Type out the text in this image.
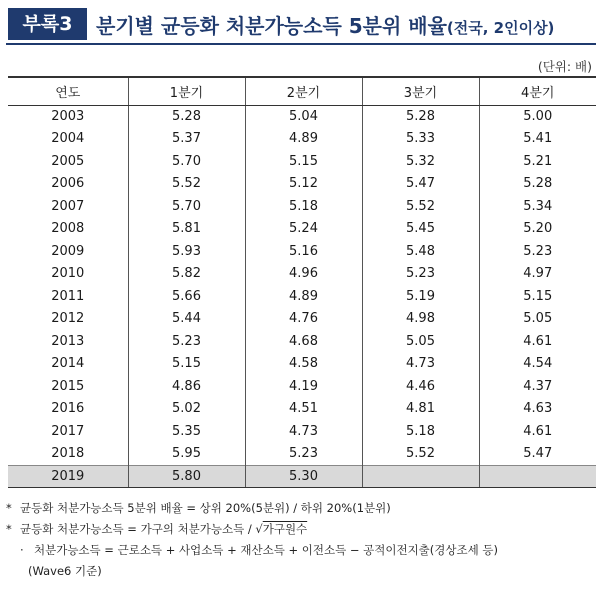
부록3	분기별 균등화 처분가능소득 5분위 배율(전국, 2인이상)
(단위: 배)
연도	1분기	2분기	3분기	4분기
2003	5.28	5.04	5.28	5.00
2004	5.37	4.89	5.33	5.41
2005	5.70	5.15	5.32	5.21
2006	5.52	5.12	5.47	5.28
2007	5.70	5.18	5.52	5.34
2008	5.81	5.24	5.45	5.20
2009	5.93	5.16	5.48	5.23
2010	5.82	4.96	5.23	4.97
2011	5.66	4.89	5.19	5.15
2012	5.44	4.76	4.98	5.05
2013	5.23	4.68	5.05	4.61
2014	5.15	4.58	4.73	4.54
2015	4.86	4.19	4.46	4.37
2016	5.02	4.51	4.81	4.63
2017	5.35	4.73	5.18	4.61
2018	5.95	5.23	5.52	5.47
2019	5.80	5.30		
* 균등화 처분가능소득 5분위 배율 = 상위 20%(5분위) / 하위 20%(1분위)
* 균등화 처분가능소득 = 가구의 처분가능소득 / √가구원수
· 처분가능소득 = 근로소득 + 사업소득 + 재산소득 + 이전소득 − 공적이전지출(경상조세 등)
(Wave6 기준)
